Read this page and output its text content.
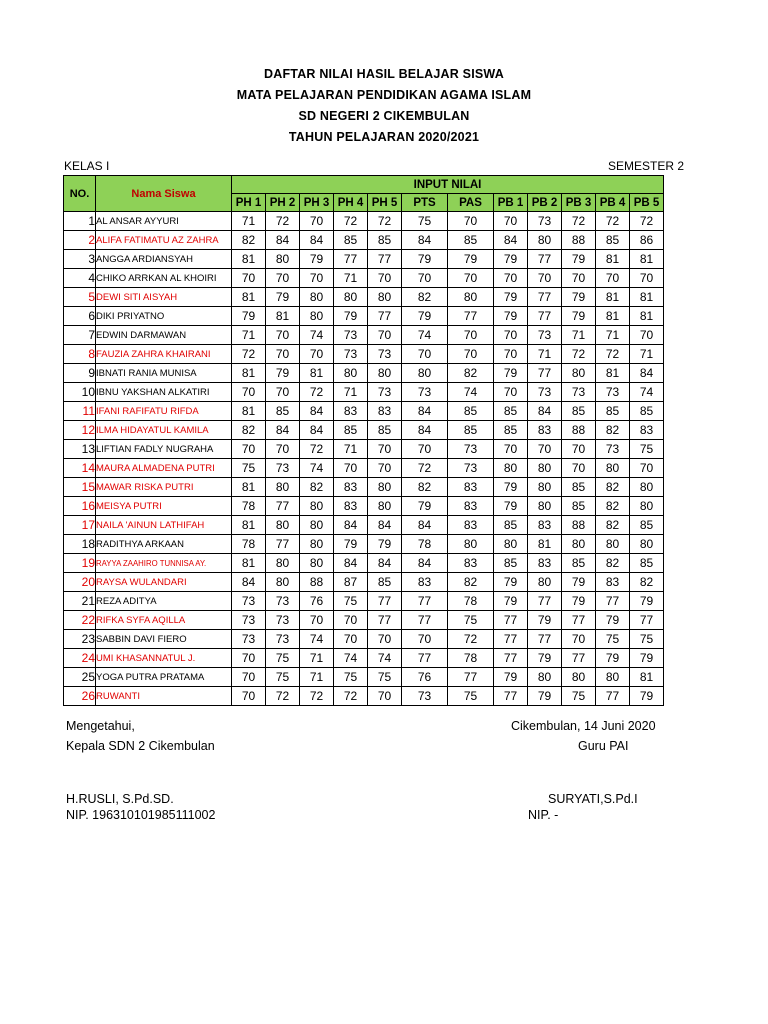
DAFTAR NILAI HASIL BELAJAR SISWA
MATA PELAJARAN PENDIDIKAN AGAMA ISLAM
SD NEGERI 2 CIKEMBULAN
TAHUN PELAJARAN 2020/2021
KELAS I	SEMESTER 2
NO.	Nama Siswa	INPUT NILAI											
		PH 1	PH 2	PH 3	PH 4	PH 5	PTS	PAS	PB 1	PB 2	PB 3	PB 4	PB 5
1	AL ANSAR AYYURI	71	72	70	72	72	75	70	70	73	72	72	72
2	ALIFA FATIMATU AZ ZAHRA	82	84	84	85	85	84	85	84	80	88	85	86
3	ANGGA ARDIANSYAH	81	80	79	77	77	79	79	79	77	79	81	81
4	CHIKO ARRKAN AL KHOIRI	70	70	70	71	70	70	70	70	70	70	70	70
5	DEWI SITI AISYAH	81	79	80	80	80	82	80	79	77	79	81	81
6	DIKI PRIYATNO	79	81	80	79	77	79	77	79	77	79	81	81
7	EDWIN DARMAWAN	71	70	74	73	70	74	70	70	73	71	71	70
8	FAUZIA ZAHRA KHAIRANI	72	70	70	73	73	70	70	70	71	72	72	71
9	IBNATI RANIA MUNISA	81	79	81	80	80	80	82	79	77	80	81	84
10	IBNU YAKSHAN ALKATIRI	70	70	72	71	73	73	74	70	73	73	73	74
11	IFANI RAFIFATU RIFDA	81	85	84	83	83	84	85	85	84	85	85	85
12	ILMA HIDAYATUL KAMILA	82	84	84	85	85	84	85	85	83	88	82	83
13	LIFTIAN FADLY NUGRAHA	70	70	72	71	70	70	73	70	70	70	73	75
14	MAURA ALMADENA PUTRI	75	73	74	70	70	72	73	80	80	70	80	70
15	MAWAR RISKA PUTRI	81	80	82	83	80	82	83	79	80	85	82	80
16	MEISYA PUTRI	78	77	80	83	80	79	83	79	80	85	82	80
17	NAILA 'AINUN LATHIFAH	81	80	80	84	84	84	83	85	83	88	82	85
18	RADITHYA ARKAAN	78	77	80	79	79	78	80	80	81	80	80	80
19	RAYYA ZAAHIRO TUNNISA AY.	81	80	80	84	84	84	83	85	83	85	82	85
20	RAYSA WULANDARI	84	80	88	87	85	83	82	79	80	79	83	82
21	REZA ADITYA	73	73	76	75	77	77	78	79	77	79	77	79
22	RIFKA SYFA AQILLA	73	73	70	70	77	77	75	77	79	77	79	77
23	SABBIN DAVI FIERO	73	73	74	70	70	70	72	77	77	70	75	75
24	UMI KHASANNATUL J.	70	75	71	74	74	77	78	77	79	77	79	79
25	YOGA PUTRA PRATAMA	70	75	71	75	75	76	77	79	80	80	80	81
26	RUWANTI	70	72	72	72	70	73	75	77	79	75	77	79
Mengetahui,
Kepala SDN 2 Cikembulan
H.RUSLI, S.Pd.SD.
NIP. 196310101985111002
Cikembulan, 14 Juni 2020
Guru PAI
SURYATI,S.Pd.I
NIP. -
